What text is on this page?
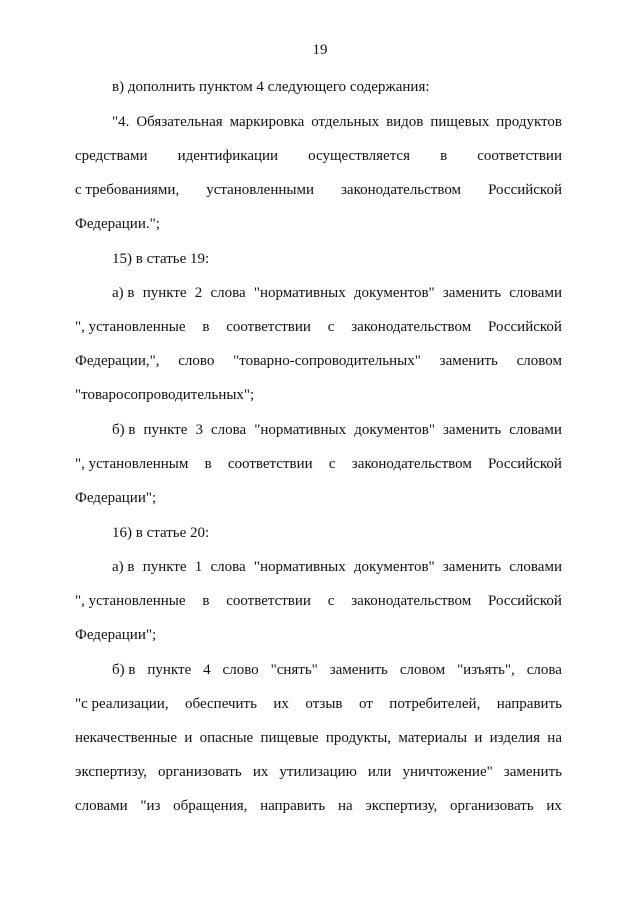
19
в) дополнить пунктом 4 следующего содержания:
"4. Обязательная маркировка отдельных видов пищевых продуктов
средствами идентификации осуществляется в соответствии
с требованиями, установленными законодательством Российской
Федерации.";
15) в статье 19:
а) в пункте 2 слова "нормативных документов" заменить словами
", установленные в соответствии с законодательством Российской
Федерации,", слово "товарно-сопроводительных" заменить словом
"товаросопроводительных";
б) в пункте 3 слова "нормативных документов" заменить словами
", установленным в соответствии с законодательством Российской
Федерации";
16) в статье 20:
а) в пункте 1 слова "нормативных документов" заменить словами
", установленные в соответствии с законодательством Российской
Федерации";
б) в пункте 4 слово "снять" заменить словом "изъять", слова
"с реализации, обеспечить их отзыв от потребителей, направить
некачественные и опасные пищевые продукты, материалы и изделия на
экспертизу, организовать их утилизацию или уничтожение" заменить
словами "из обращения, направить на экспертизу, организовать их
